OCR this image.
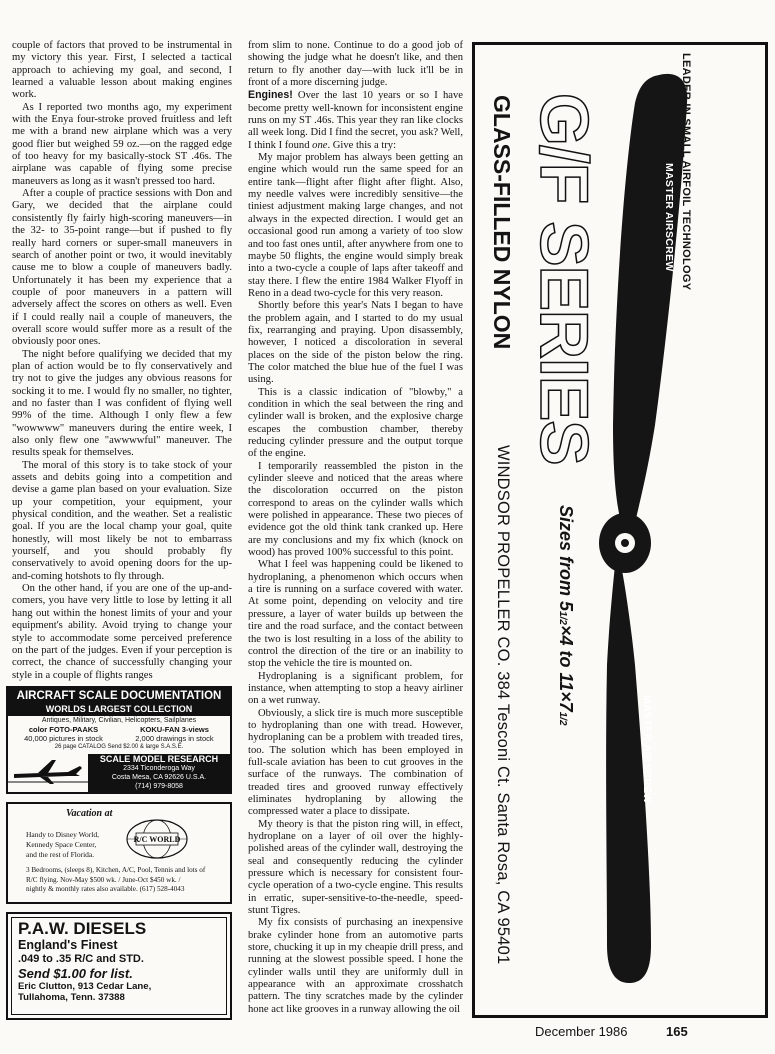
couple of factors that proved to be instrumental in my victory this year. First, I selected a tactical approach to achieving my goal, and second, I learned a valuable lesson about making engines work.

As I reported two months ago, my experiment with the Enya four-stroke proved fruitless and left me with a brand new airplane which was a very good flier but weighed 59 oz.—on the ragged edge of too heavy for my basically-stock ST .46s. The airplane was capable of flying some precise maneuvers as long as it wasn't pressed too hard.

After a couple of practice sessions with Don and Gary, we decided that the airplane could consistently fly fairly high-scoring maneuvers—in the 32- to 35-point range—but if pushed to fly really hard corners or super-small maneuvers in search of another point or two, it would inevitably cause me to blow a couple of maneuvers badly. Unfortunately it has been my experience that a couple of poor maneuvers in a pattern will adversely affect the scores on others as well. Even if I could really nail a couple of maneuvers, the overall score would suffer more as a result of the obviously poor ones.

The night before qualifying we decided that my plan of action would be to fly conservatively and try not to give the judges any obvious reasons for socking it to me. I would fly no smaller, no tighter, and no faster than I was confident of flying well 99% of the time. Although I only flew a few "wowwww" maneuvers during the entire week, I also only flew one "awwwwful" maneuver. The results speak for themselves.

The moral of this story is to take stock of your assets and debits going into a competition and devise a game plan based on your evaluation. Size up your competition, your equipment, your physical condition, and the weather. Set a realistic goal. If you are the local champ your goal, quite honestly, will most likely be not to embarrass yourself, and you should probably fly conservatively to avoid opening doors for the up-and-coming hotshots to fly through.

On the other hand, if you are one of the up-and-comers, you have very little to lose by letting it all hang out within the honest limits of your and your equipment's ability. Avoid trying to change your style to accommodate some perceived preference on the part of the judges. Even if your perception is correct, the chance of successfully changing your style in a couple of flights ranges

from slim to none. Continue to do a good job of showing the judge what he doesn't like, and then return to fly another day—with luck it'll be in front of a more discerning judge.

Engines! Over the last 10 years or so I have become pretty well-known for inconsistent engine runs on my ST .46s. This year they ran like clocks all week long. Did I find the secret, you ask? Well, I think I found one. Give this a try:

My major problem has always been getting an engine which would run the same speed for an entire tank—flight after flight after flight. Also, my needle valves were incredibly sensitive—the tiniest adjustment making large changes, and not always in the expected direction. I would get an occasional good run among a variety of too slow and too fast ones until, after anywhere from one to maybe 50 flights, the engine would simply break into a two-cycle a couple of laps after takeoff and stay there. I flew the entire 1984 Walker Flyoff in Reno in a dead two-cycle for this very reason.

Shortly before this year's Nats I began to have the problem again, and I started to do my usual fix, rearranging and praying. Upon disassembly, however, I noticed a discoloration in several places on the side of the piston below the ring. The color matched the blue hue of the fuel I was using.

This is a classic indication of "blowby," a condition in which the seal between the ring and cylinder wall is broken, and the explosive charge escapes the combustion chamber, thereby reducing cylinder pressure and the output torque of the engine.

I temporarily reassembled the piston in the cylinder sleeve and noticed that the areas where the discoloration occurred on the piston correspond to areas on the cylinder walls which were polished in appearance. These two pieces of evidence got the old think tank cranked up. Here are my conclusions and my fix which (knock on wood) has proved 100% successful to this point.

What I feel was happening could be likened to hydroplaning, a phenomenon which occurs when a tire is running on a surface covered with water. At some point, depending on velocity and tire pressure, a layer of water builds up between the tire and the road surface, and the contact between the two is lost resulting in a loss of the ability to control the direction of the tire or an inability to stop the vehicle the tire is mounted on.

Hydroplaning is a significant problem, for instance, when attempting to stop a heavy airliner on a wet runway.

Obviously, a slick tire is much more susceptible to hydroplaning than one with tread. However, hydroplaning can be a problem with treaded tires, too. The solution which has been employed in full-scale aviation has been to cut grooves in the surface of the runways. The combination of treaded tires and grooved runway effectively eliminates hydroplaning by allowing the compressed water a place to dissipate.

My theory is that the piston ring will, in effect, hydroplane on a layer of oil over the highly-polished areas of the cylinder wall, destroying the seal and consequently reducing the cylinder pressure which is necessary for consistent four-cycle operation of a two-cycle engine. This results in erratic, super-sensitive-to-the-needle, speed-stunt Tigres.

My fix consists of purchasing an inexpensive brake cylinder hone from an automotive parts store, chucking it up in my cheapie drill press, and running at the slowest possible speed. I hone the cylinder walls until they are uniformly dull in appearance with an approximate crosshatch pattern. The tiny scratches made by the cylinder hone act like grooves in a runway allowing the oil

AIRCRAFT SCALE DOCUMENTATION
WORLDS LARGEST COLLECTION
Antiques, Military, Civilian, Helicopters, Sailplanes
color FOTO-PAAKS	KOKU-FAN 3-views
40,000 pictures in stock	2,000 drawings in stock
26 page CATALOG Send $2.00 & large S.A.S.E.
SCALE MODEL RESEARCH
2334 Ticonderoga Way
Costa Mesa, CA 92626 U.S.A.
(714) 979-8058
Vacation at
Handy to Disney World,
Kennedy Space Center,
and the rest of Florida.
R/C WORLD
3 Bedrooms, (sleeps 8), Kitchen, A/C, Pool, Tennis and lots of
R/C flying. Nov-May $500 wk. / June-Oct $450 wk. /
nightly & monthly rates also available. (617) 528-4043
P.A.W. DIESELS
England's Finest
.049 to .35 R/C and STD.
Send $1.00 for list.
Eric Clutton, 913 Cedar Lane,
Tullahoma, Tenn. 37388
LEADER IN SMALL AIRFOIL TECHNOLOGY
MASTER AIRSCREW
MASTER AIRSCREW
G/F SERIES
GLASS-FILLED NYLON
Sizes from 51/2×4 to 11×71/2
WINDSOR PROPELLER CO. 384 Tesconi Ct. Santa Rosa, CA 95401
December 1986	165
